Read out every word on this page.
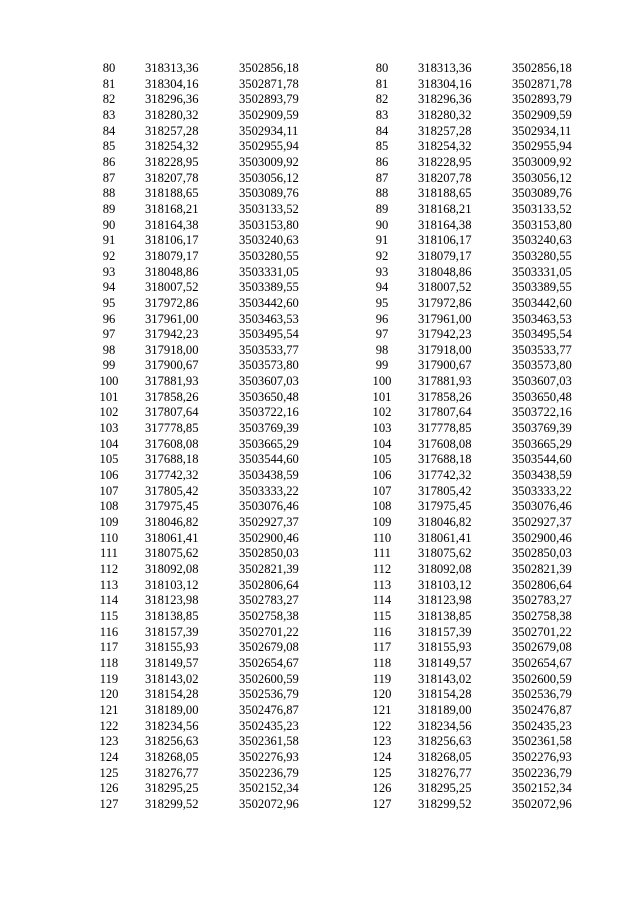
80	318313,36	3502856,18
81	318304,16	3502871,78
82	318296,36	3502893,79
83	318280,32	3502909,59
84	318257,28	3502934,11
85	318254,32	3502955,94
86	318228,95	3503009,92
87	318207,78	3503056,12
88	318188,65	3503089,76
89	318168,21	3503133,52
90	318164,38	3503153,80
91	318106,17	3503240,63
92	318079,17	3503280,55
93	318048,86	3503331,05
94	318007,52	3503389,55
95	317972,86	3503442,60
96	317961,00	3503463,53
97	317942,23	3503495,54
98	317918,00	3503533,77
99	317900,67	3503573,80
100	317881,93	3503607,03
101	317858,26	3503650,48
102	317807,64	3503722,16
103	317778,85	3503769,39
104	317608,08	3503665,29
105	317688,18	3503544,60
106	317742,32	3503438,59
107	317805,42	3503333,22
108	317975,45	3503076,46
109	318046,82	3502927,37
110	318061,41	3502900,46
111	318075,62	3502850,03
112	318092,08	3502821,39
113	318103,12	3502806,64
114	318123,98	3502783,27
115	318138,85	3502758,38
116	318157,39	3502701,22
117	318155,93	3502679,08
118	318149,57	3502654,67
119	318143,02	3502600,59
120	318154,28	3502536,79
121	318189,00	3502476,87
122	318234,56	3502435,23
123	318256,63	3502361,58
124	318268,05	3502276,93
125	318276,77	3502236,79
126	318295,25	3502152,34
127	318299,52	3502072,96
80	318313,36	3502856,18
81	318304,16	3502871,78
82	318296,36	3502893,79
83	318280,32	3502909,59
84	318257,28	3502934,11
85	318254,32	3502955,94
86	318228,95	3503009,92
87	318207,78	3503056,12
88	318188,65	3503089,76
89	318168,21	3503133,52
90	318164,38	3503153,80
91	318106,17	3503240,63
92	318079,17	3503280,55
93	318048,86	3503331,05
94	318007,52	3503389,55
95	317972,86	3503442,60
96	317961,00	3503463,53
97	317942,23	3503495,54
98	317918,00	3503533,77
99	317900,67	3503573,80
100	317881,93	3503607,03
101	317858,26	3503650,48
102	317807,64	3503722,16
103	317778,85	3503769,39
104	317608,08	3503665,29
105	317688,18	3503544,60
106	317742,32	3503438,59
107	317805,42	3503333,22
108	317975,45	3503076,46
109	318046,82	3502927,37
110	318061,41	3502900,46
111	318075,62	3502850,03
112	318092,08	3502821,39
113	318103,12	3502806,64
114	318123,98	3502783,27
115	318138,85	3502758,38
116	318157,39	3502701,22
117	318155,93	3502679,08
118	318149,57	3502654,67
119	318143,02	3502600,59
120	318154,28	3502536,79
121	318189,00	3502476,87
122	318234,56	3502435,23
123	318256,63	3502361,58
124	318268,05	3502276,93
125	318276,77	3502236,79
126	318295,25	3502152,34
127	318299,52	3502072,96
